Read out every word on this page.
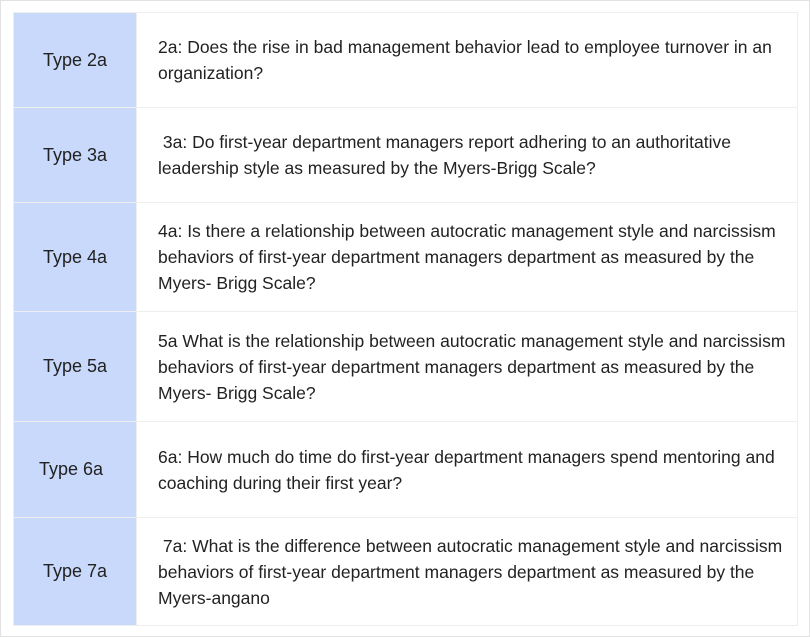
Type 2a	2a: Does the rise in bad management behavior lead to employee turnover in an organization?
Type 3a	3a: Do first-year department managers report adhering to an authoritative leadership style as measured by the Myers-Brigg Scale?
Type 4a	4a: Is there a relationship between autocratic management style and narcissism behaviors of first-year department managers department as measured by the Myers- Brigg Scale?
Type 5a	5a What is the relationship between autocratic management style and narcissism behaviors of first-year department managers department as measured by the Myers- Brigg Scale?
Type 6a	6a: How much do time do first-year department managers spend mentoring and  coaching during their first year?
Type 7a	7a: What is the difference between autocratic management style and narcissism behaviors of first-year department managers department as measured by the Myers-angano
